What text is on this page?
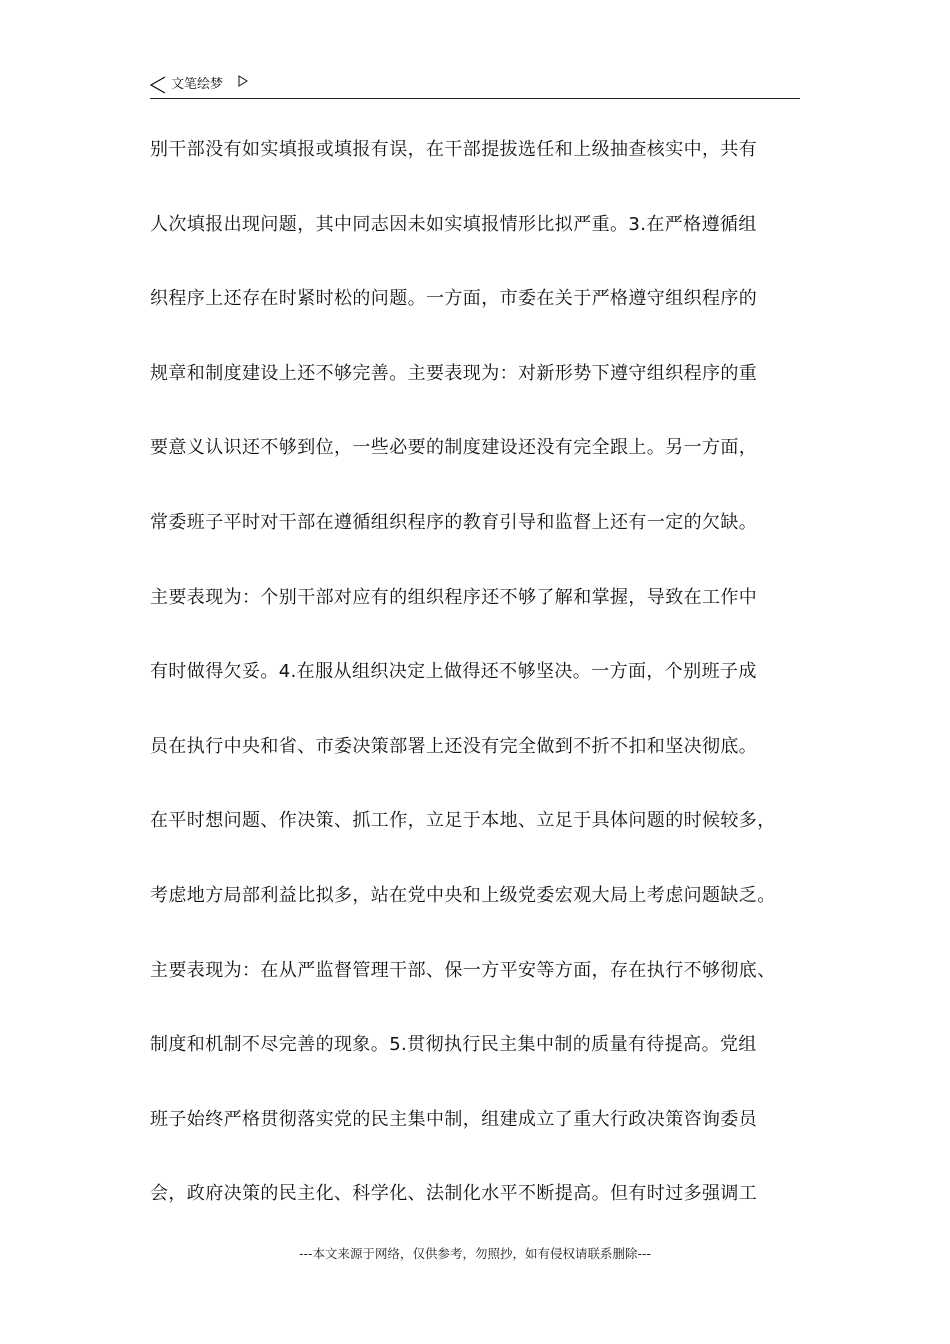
文笔绘梦
别干部没有如实填报或填报有误，在干部提拔选任和上级抽查核实中，共有
人次填报出现问题，其中同志因未如实填报情形比拟严重。3.在严格遵循组
织程序上还存在时紧时松的问题。一方面，市委在关于严格遵守组织程序的
规章和制度建设上还不够完善。主要表现为：对新形势下遵守组织程序的重
要意义认识还不够到位，一些必要的制度建设还没有完全跟上。另一方面，
常委班子平时对干部在遵循组织程序的教育引导和监督上还有一定的欠缺。
主要表现为：个别干部对应有的组织程序还不够了解和掌握，导致在工作中
有时做得欠妥。4.在服从组织决定上做得还不够坚决。一方面，个别班子成
员在执行中央和省、市委决策部署上还没有完全做到不折不扣和坚决彻底。
在平时想问题、作决策、抓工作，立足于本地、立足于具体问题的时候较多，
考虑地方局部利益比拟多，站在党中央和上级党委宏观大局上考虑问题缺乏。
主要表现为：在从严监督管理干部、保一方平安等方面，存在执行不够彻底、
制度和机制不尽完善的现象。5.贯彻执行民主集中制的质量有待提高。党组
班子始终严格贯彻落实党的民主集中制，组建成立了重大行政决策咨询委员
会，政府决策的民主化、科学化、法制化水平不断提高。但有时过多强调工
---本文来源于网络，仅供参考，勿照抄，如有侵权请联系删除---
